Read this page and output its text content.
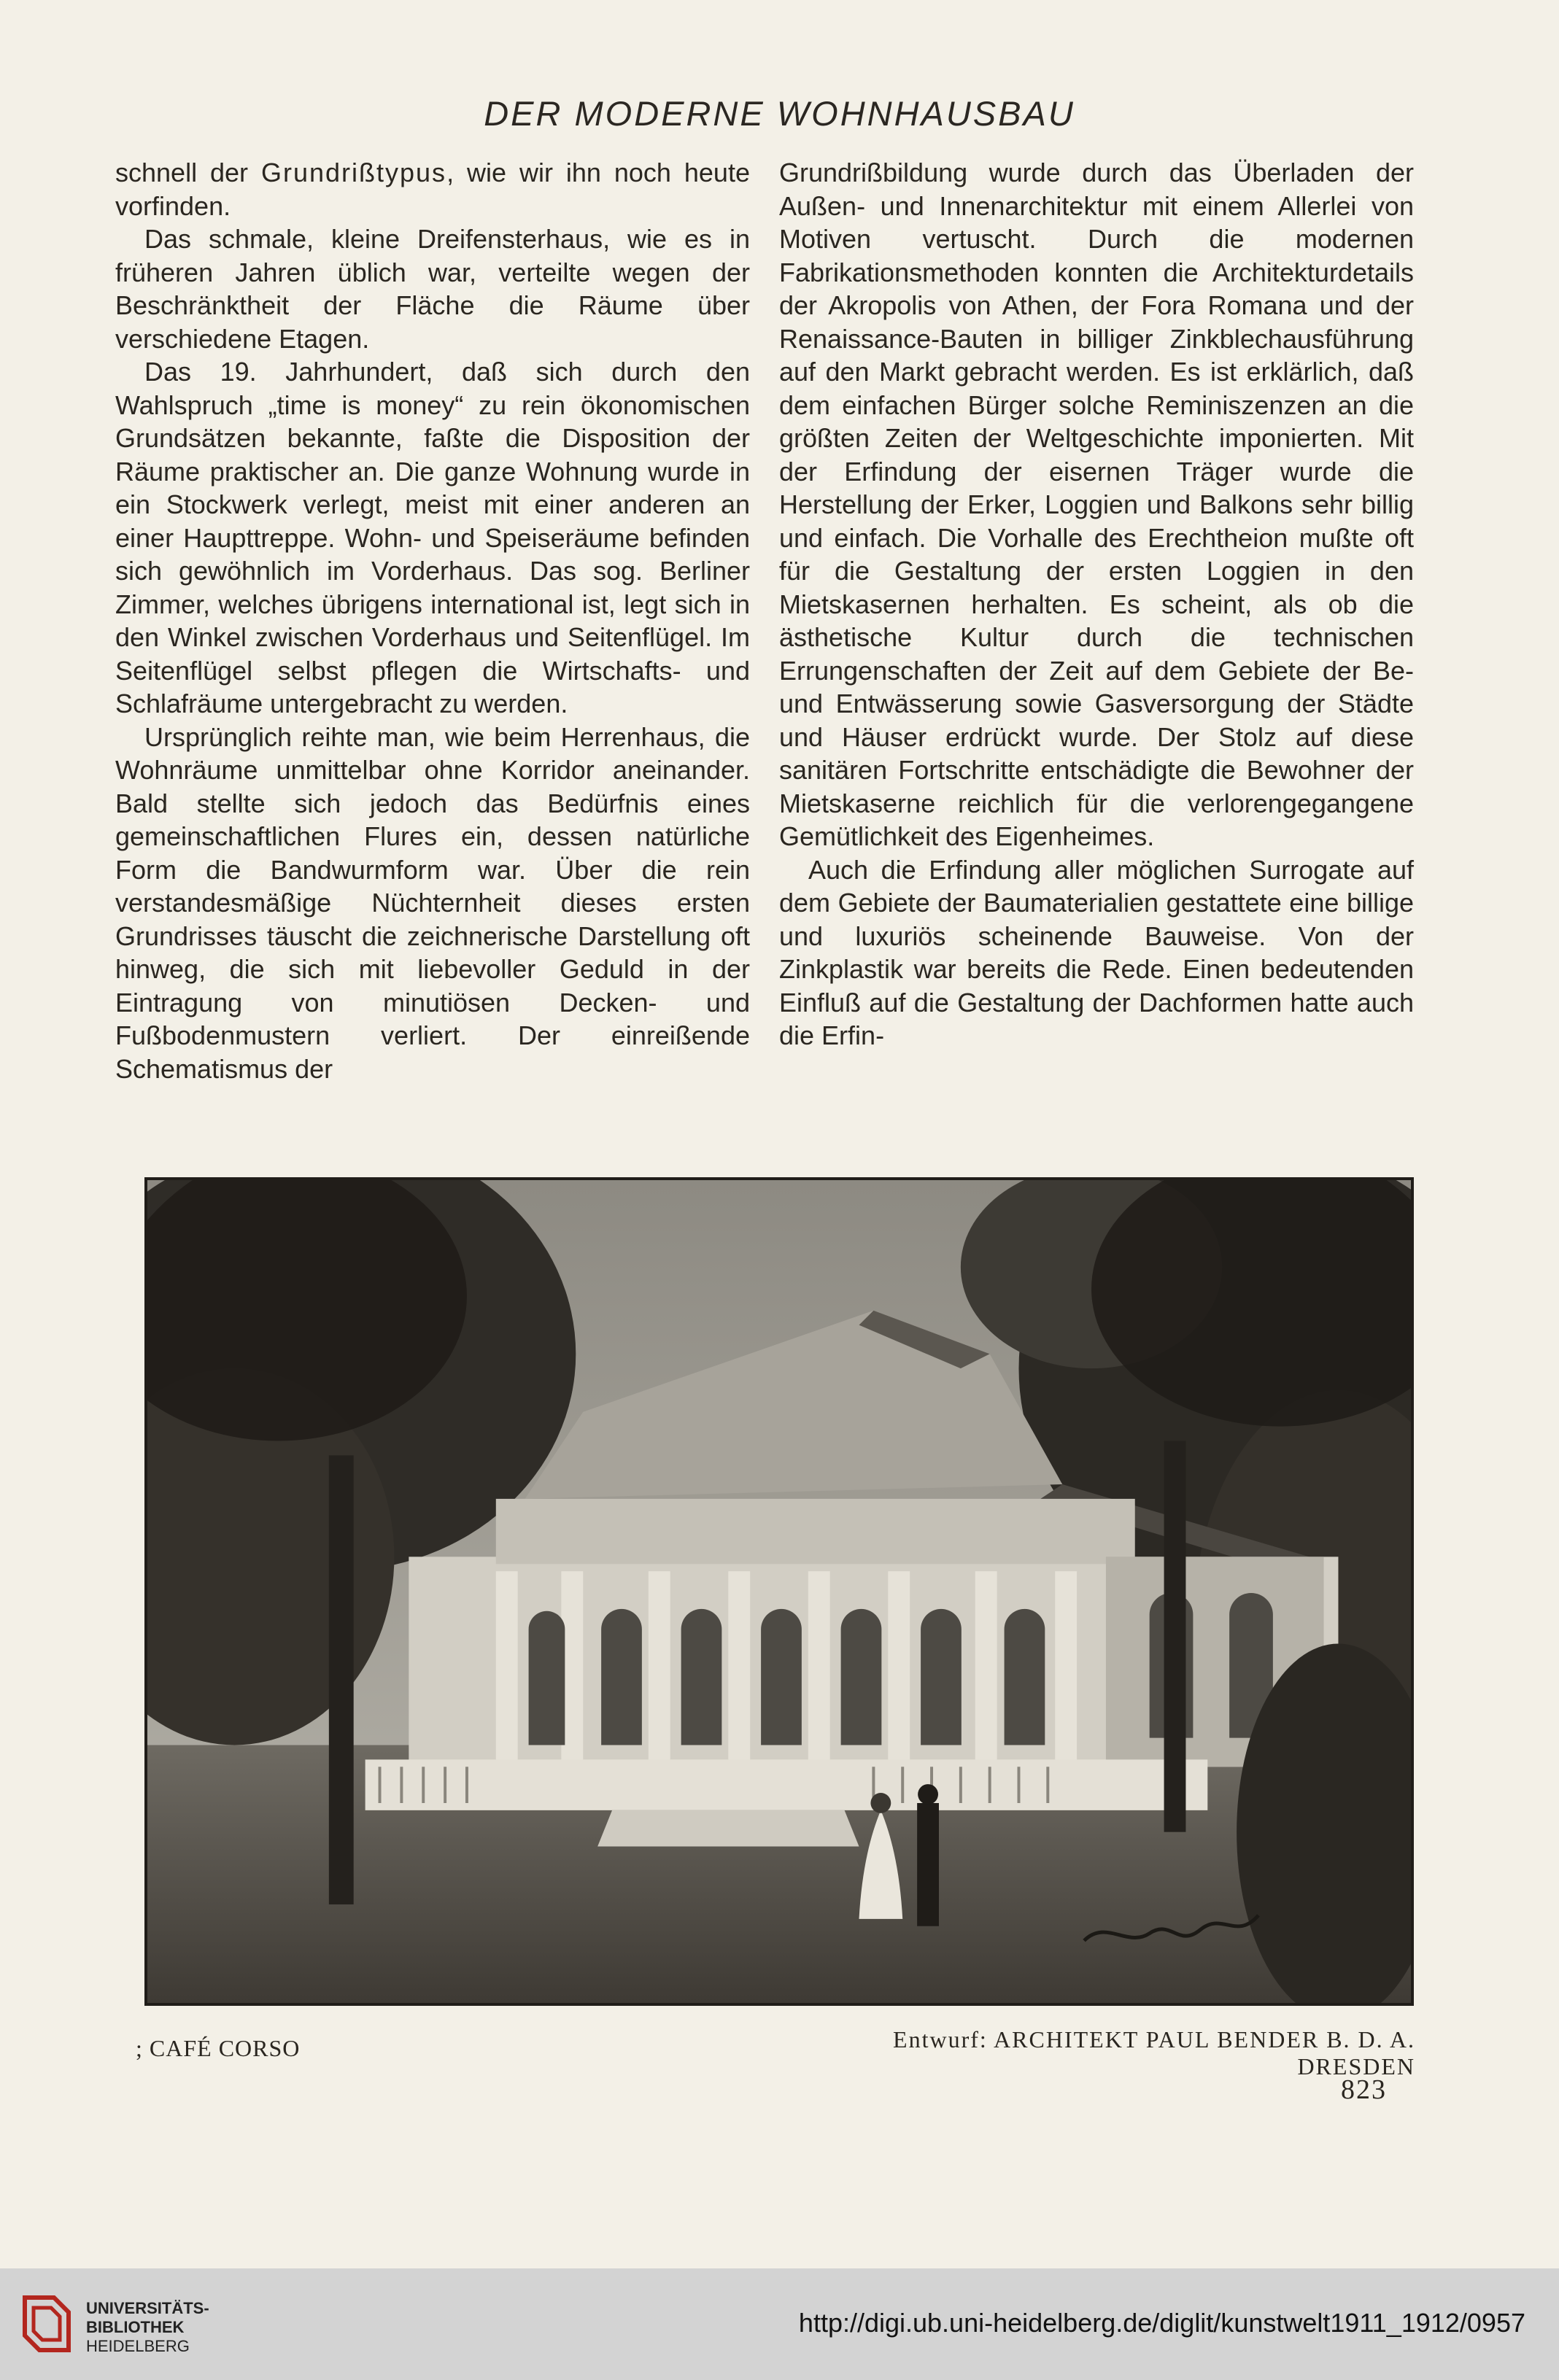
DER MODERNE WOHNHAUSBAU

schnell der Grundrißtypus, wie wir ihn noch heute vorfinden.

Das schmale, kleine Dreifensterhaus, wie es in früheren Jahren üblich war, verteilte wegen der Beschränktheit der Fläche die Räume über verschiedene Etagen.

Das 19. Jahrhundert, daß sich durch den Wahlspruch „time is money“ zu rein ökonomischen Grundsätzen bekannte, faßte die Disposition der Räume praktischer an. Die ganze Wohnung wurde in ein Stockwerk verlegt, meist mit einer anderen an einer Haupttreppe. Wohn- und Speiseräume befinden sich gewöhnlich im Vorderhaus. Das sog. Berliner Zimmer, welches übrigens international ist, legt sich in den Winkel zwischen Vorderhaus und Seitenflügel. Im Seitenflügel selbst pflegen die Wirtschafts- und Schlafräume untergebracht zu werden.

Ursprünglich reihte man, wie beim Herrenhaus, die Wohnräume unmittelbar ohne Korridor aneinander. Bald stellte sich jedoch das Bedürfnis eines gemeinschaftlichen Flures ein, dessen natürliche Form die Bandwurmform war. Über die rein verstandesmäßige Nüchternheit dieses ersten Grundrisses täuscht die zeichnerische Darstellung oft hinweg, die sich mit liebevoller Geduld in der Eintragung von minutiösen Decken- und Fußbodenmustern verliert. Der einreißende Schematismus der

Grundrißbildung wurde durch das Überladen der Außen- und Innenarchitektur mit einem Allerlei von Motiven vertuscht. Durch die modernen Fabrikationsmethoden konnten die Architekturdetails der Akropolis von Athen, der Fora Romana und der Renaissance-Bauten in billiger Zinkblechausführung auf den Markt gebracht werden. Es ist erklärlich, daß dem einfachen Bürger solche Reminiszenzen an die größten Zeiten der Weltgeschichte imponierten. Mit der Erfindung der eisernen Träger wurde die Herstellung der Erker, Loggien und Balkons sehr billig und einfach. Die Vorhalle des Erechtheion mußte oft für die Gestaltung der ersten Loggien in den Mietskasernen herhalten. Es scheint, als ob die ästhetische Kultur durch die technischen Errungenschaften der Zeit auf dem Gebiete der Be- und Entwässerung sowie Gasversorgung der Städte und Häuser erdrückt wurde. Der Stolz auf diese sanitären Fortschritte entschädigte die Bewohner der Mietskaserne reichlich für die verlorengegangene Gemütlichkeit des Eigenheimes.

Auch die Erfindung aller möglichen Surrogate auf dem Gebiete der Baumaterialien gestattete eine billige und luxuriös scheinende Bauweise. Von der Zinkplastik war bereits die Rede. Einen bedeutenden Einfluß auf die Gestaltung der Dachformen hatte auch die Erfin-

; CAFÉ CORSO	Entwurf: ARCHITEKT PAUL BENDER B. D. A. DRESDEN
823
UNIVERSITÄTS-
BIBLIOTHEK
HEIDELBERG
http://digi.ub.uni-heidelberg.de/diglit/kunstwelt1911_1912/0957
